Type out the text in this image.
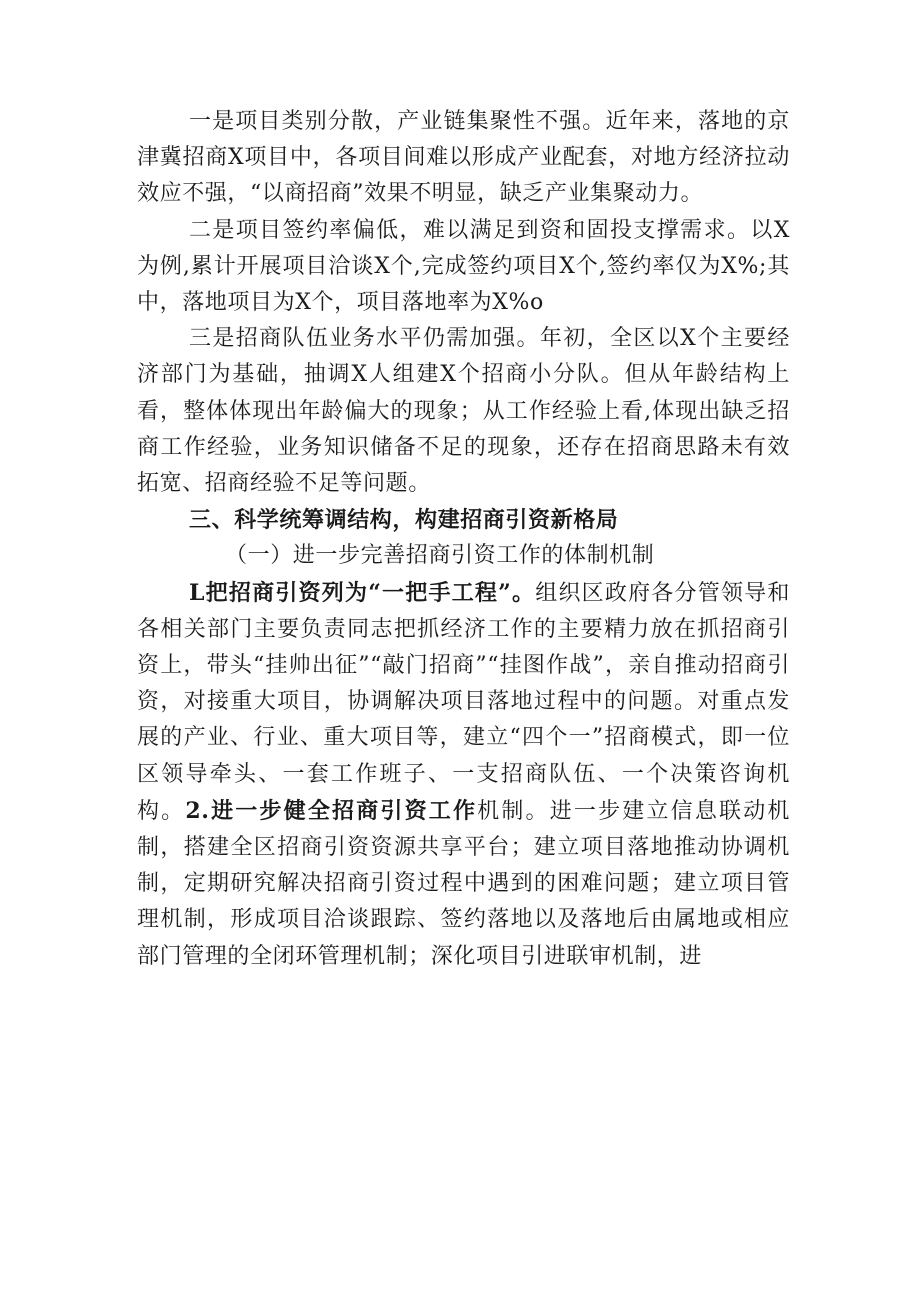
一是项目类别分散，产业链集聚性不强。近年来，落地的京津冀招商X项目中，各项目间难以形成产业配套，对地方经济拉动效应不强，“以商招商”效果不明显，缺乏产业集聚动力。

二是项目签约率偏低，难以满足到资和固投支撑需求。以X为例,累计开展项目洽谈X个,完成签约项目X个,签约率仅为X%;其中，落地项目为X个，项目落地率为X%o

三是招商队伍业务水平仍需加强。年初，全区以X个主要经济部门为基础，抽调X人组建X个招商小分队。但从年龄结构上看，整体体现出年龄偏大的现象；从工作经验上看,体现出缺乏招商工作经验，业务知识储备不足的现象，还存在招商思路未有效拓宽、招商经验不足等问题。

三、科学统筹调结构，构建招商引资新格局

（一）进一步完善招商引资工作的体制机制

L把招商引资列为“一把手工程”。组织区政府各分管领导和各相关部门主要负责同志把抓经济工作的主要精力放在抓招商引资上，带头“挂帅出征”“敲门招商”“挂图作战”，亲自推动招商引资，对接重大项目，协调解决项目落地过程中的问题。对重点发展的产业、行业、重大项目等，建立“四个一”招商模式，即一位区领导牵头、一套工作班子、一支招商队伍、一个决策咨询机构。2.进一步健全招商引资工作机制。进一步建立信息联动机制，搭建全区招商引资资源共享平台；建立项目落地推动协调机制，定期研究解决招商引资过程中遇到的困难问题；建立项目管理机制，形成项目洽谈跟踪、签约落地以及落地后由属地或相应部门管理的全闭环管理机制；深化项目引进联审机制，进
